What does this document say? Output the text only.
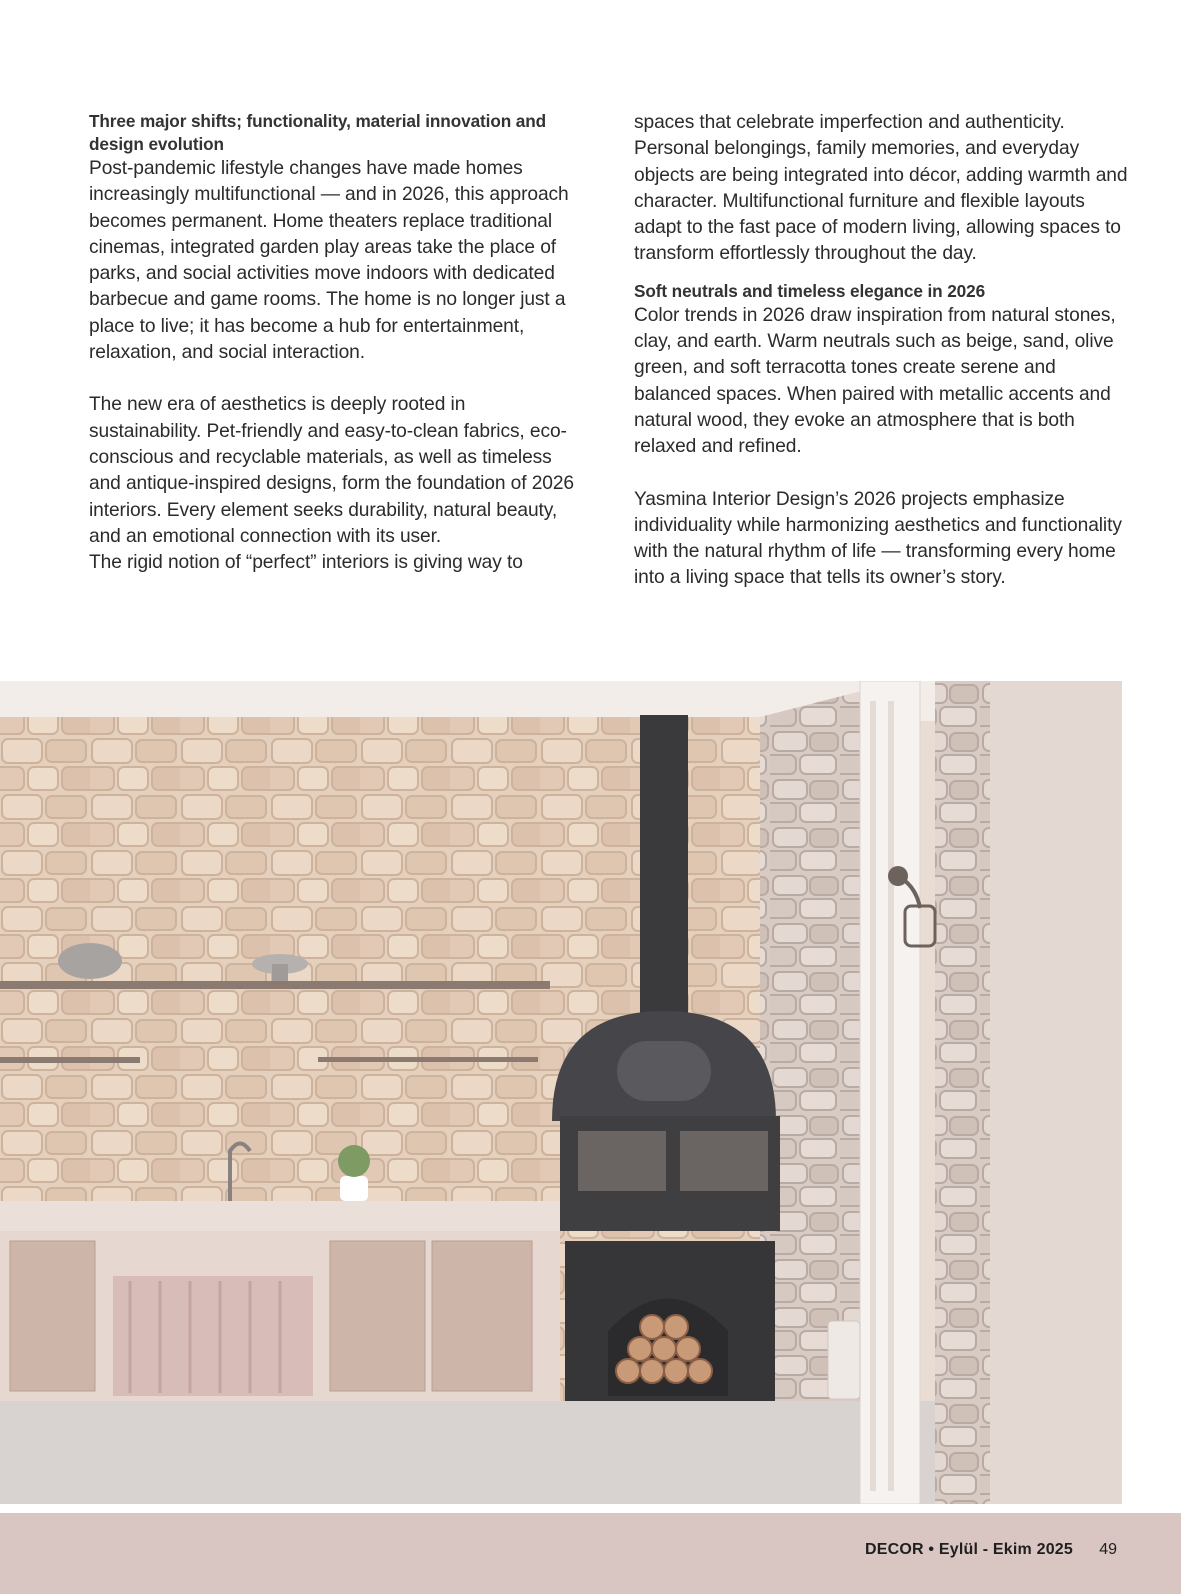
Three major shifts; functionality, material innovation and design evolution

Post-pandemic lifestyle changes have made homes increasingly multifunctional — and in 2026, this approach becomes permanent. Home theaters replace traditional cinemas, integrated garden play areas take the place of parks, and social activities move indoors with dedicated barbecue and game rooms. The home is no longer just a place to live; it has become a hub for entertainment, relaxation, and social interaction.

The new era of aesthetics is deeply rooted in sustainability. Pet-friendly and easy-to-clean fabrics, eco-conscious and recyclable materials, as well as timeless and antique-inspired designs, form the foundation of 2026 interiors. Every element seeks durability, natural beauty, and an emotional connection with its user.

The rigid notion of “perfect” interiors is giving way to

spaces that celebrate imperfection and authenticity. Personal belongings, family memories, and everyday objects are being integrated into décor, adding warmth and character. Multifunctional furniture and flexible layouts adapt to the fast pace of modern living, allowing spaces to transform effortlessly throughout the day.

Soft neutrals and timeless elegance in 2026

Color trends in 2026 draw inspiration from natural stones, clay, and earth. Warm neutrals such as beige, sand, olive green, and soft terracotta tones create serene and balanced spaces. When paired with metallic accents and natural wood, they evoke an atmosphere that is both relaxed and refined.

Yasmina Interior Design’s 2026 projects emphasize individuality while harmonizing aesthetics and functionality with the natural rhythm of life — transforming every home into a living space that tells its owner’s story.

DECOR • Eylül - Ekim 2025 49
